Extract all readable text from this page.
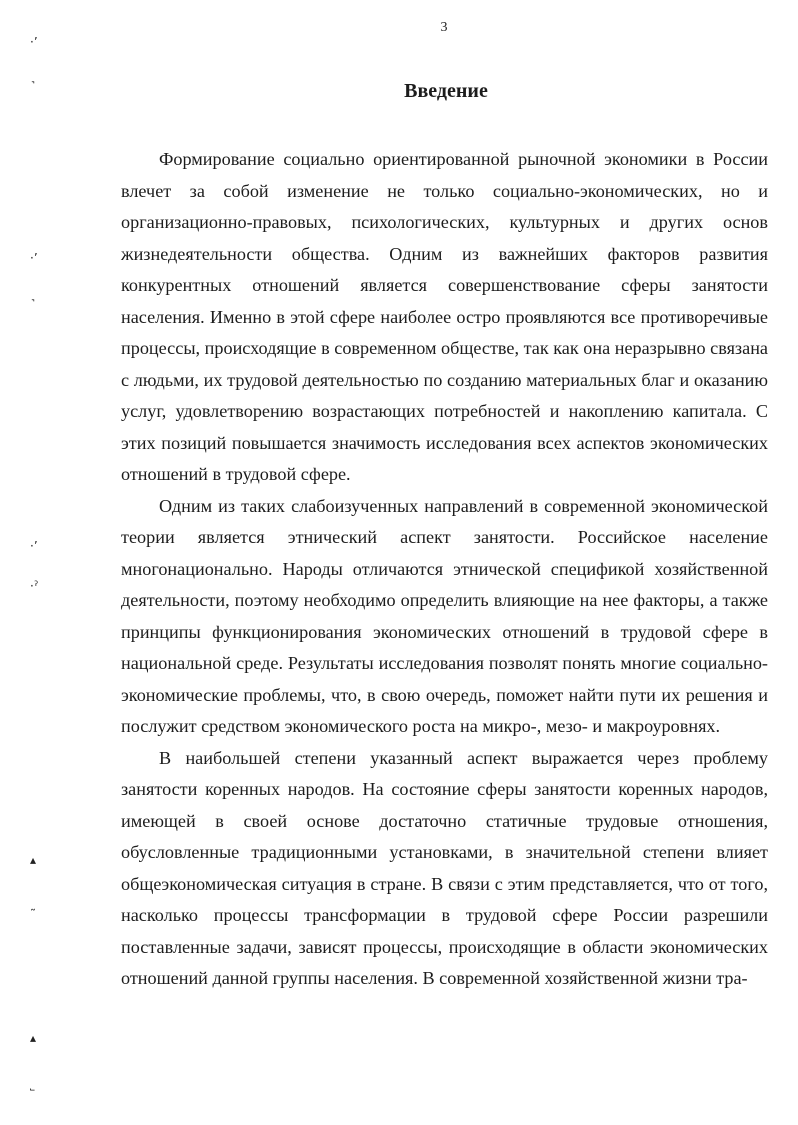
3
Введение

Формирование социально ориентированной рыночной экономики в России влечет за собой изменение не только социально-экономических, но и организационно-правовых, психологических, культурных и других основ жизнедеятельности общества. Одним из важнейших факторов развития конкурентных отношений является совершенствование сферы занятости населения. Именно в этой сфере наиболее остро проявляются все противоречивые процессы, происходящие в современном обществе, так как она неразрывно связана с людьми, их трудовой деятельностью по созданию материальных благ и оказанию услуг, удовлетворению возрастающих потребностей и накоплению капитала. С этих позиций повышается значимость исследования всех аспектов экономических отношений в трудовой сфере.

Одним из таких слабоизученных направлений в современной экономической теории является этнический аспект занятости. Российское население многонационально. Народы отличаются этнической спецификой хозяйственной деятельности, поэтому необходимо определить влияющие на нее факторы, а также принципы функционирования экономических отношений в трудовой сфере в национальной среде. Результаты исследования позволят понять многие социально-экономические проблемы, что, в свою очередь, поможет найти пути их решения и послужит средством экономического роста на микро-, мезо- и макроуровнях.

В наибольшей степени указанный аспект выражается через проблему занятости коренных народов. На состояние сферы занятости коренных народов, имеющей в своей основе достаточно статичные трудовые отношения, обусловленные традиционными установками, в значительной степени влияет общеэкономическая ситуация в стране. В связи с этим представляется, что от того, насколько процессы трансформации в трудовой сфере России разрешили поставленные задачи, зависят процессы, происходящие в области экономических отношений данной группы населения. В современной хозяйственной жизни тра-

·’
˺
·’
˺
·’
·ˀ
▴
˷
▴
˾
